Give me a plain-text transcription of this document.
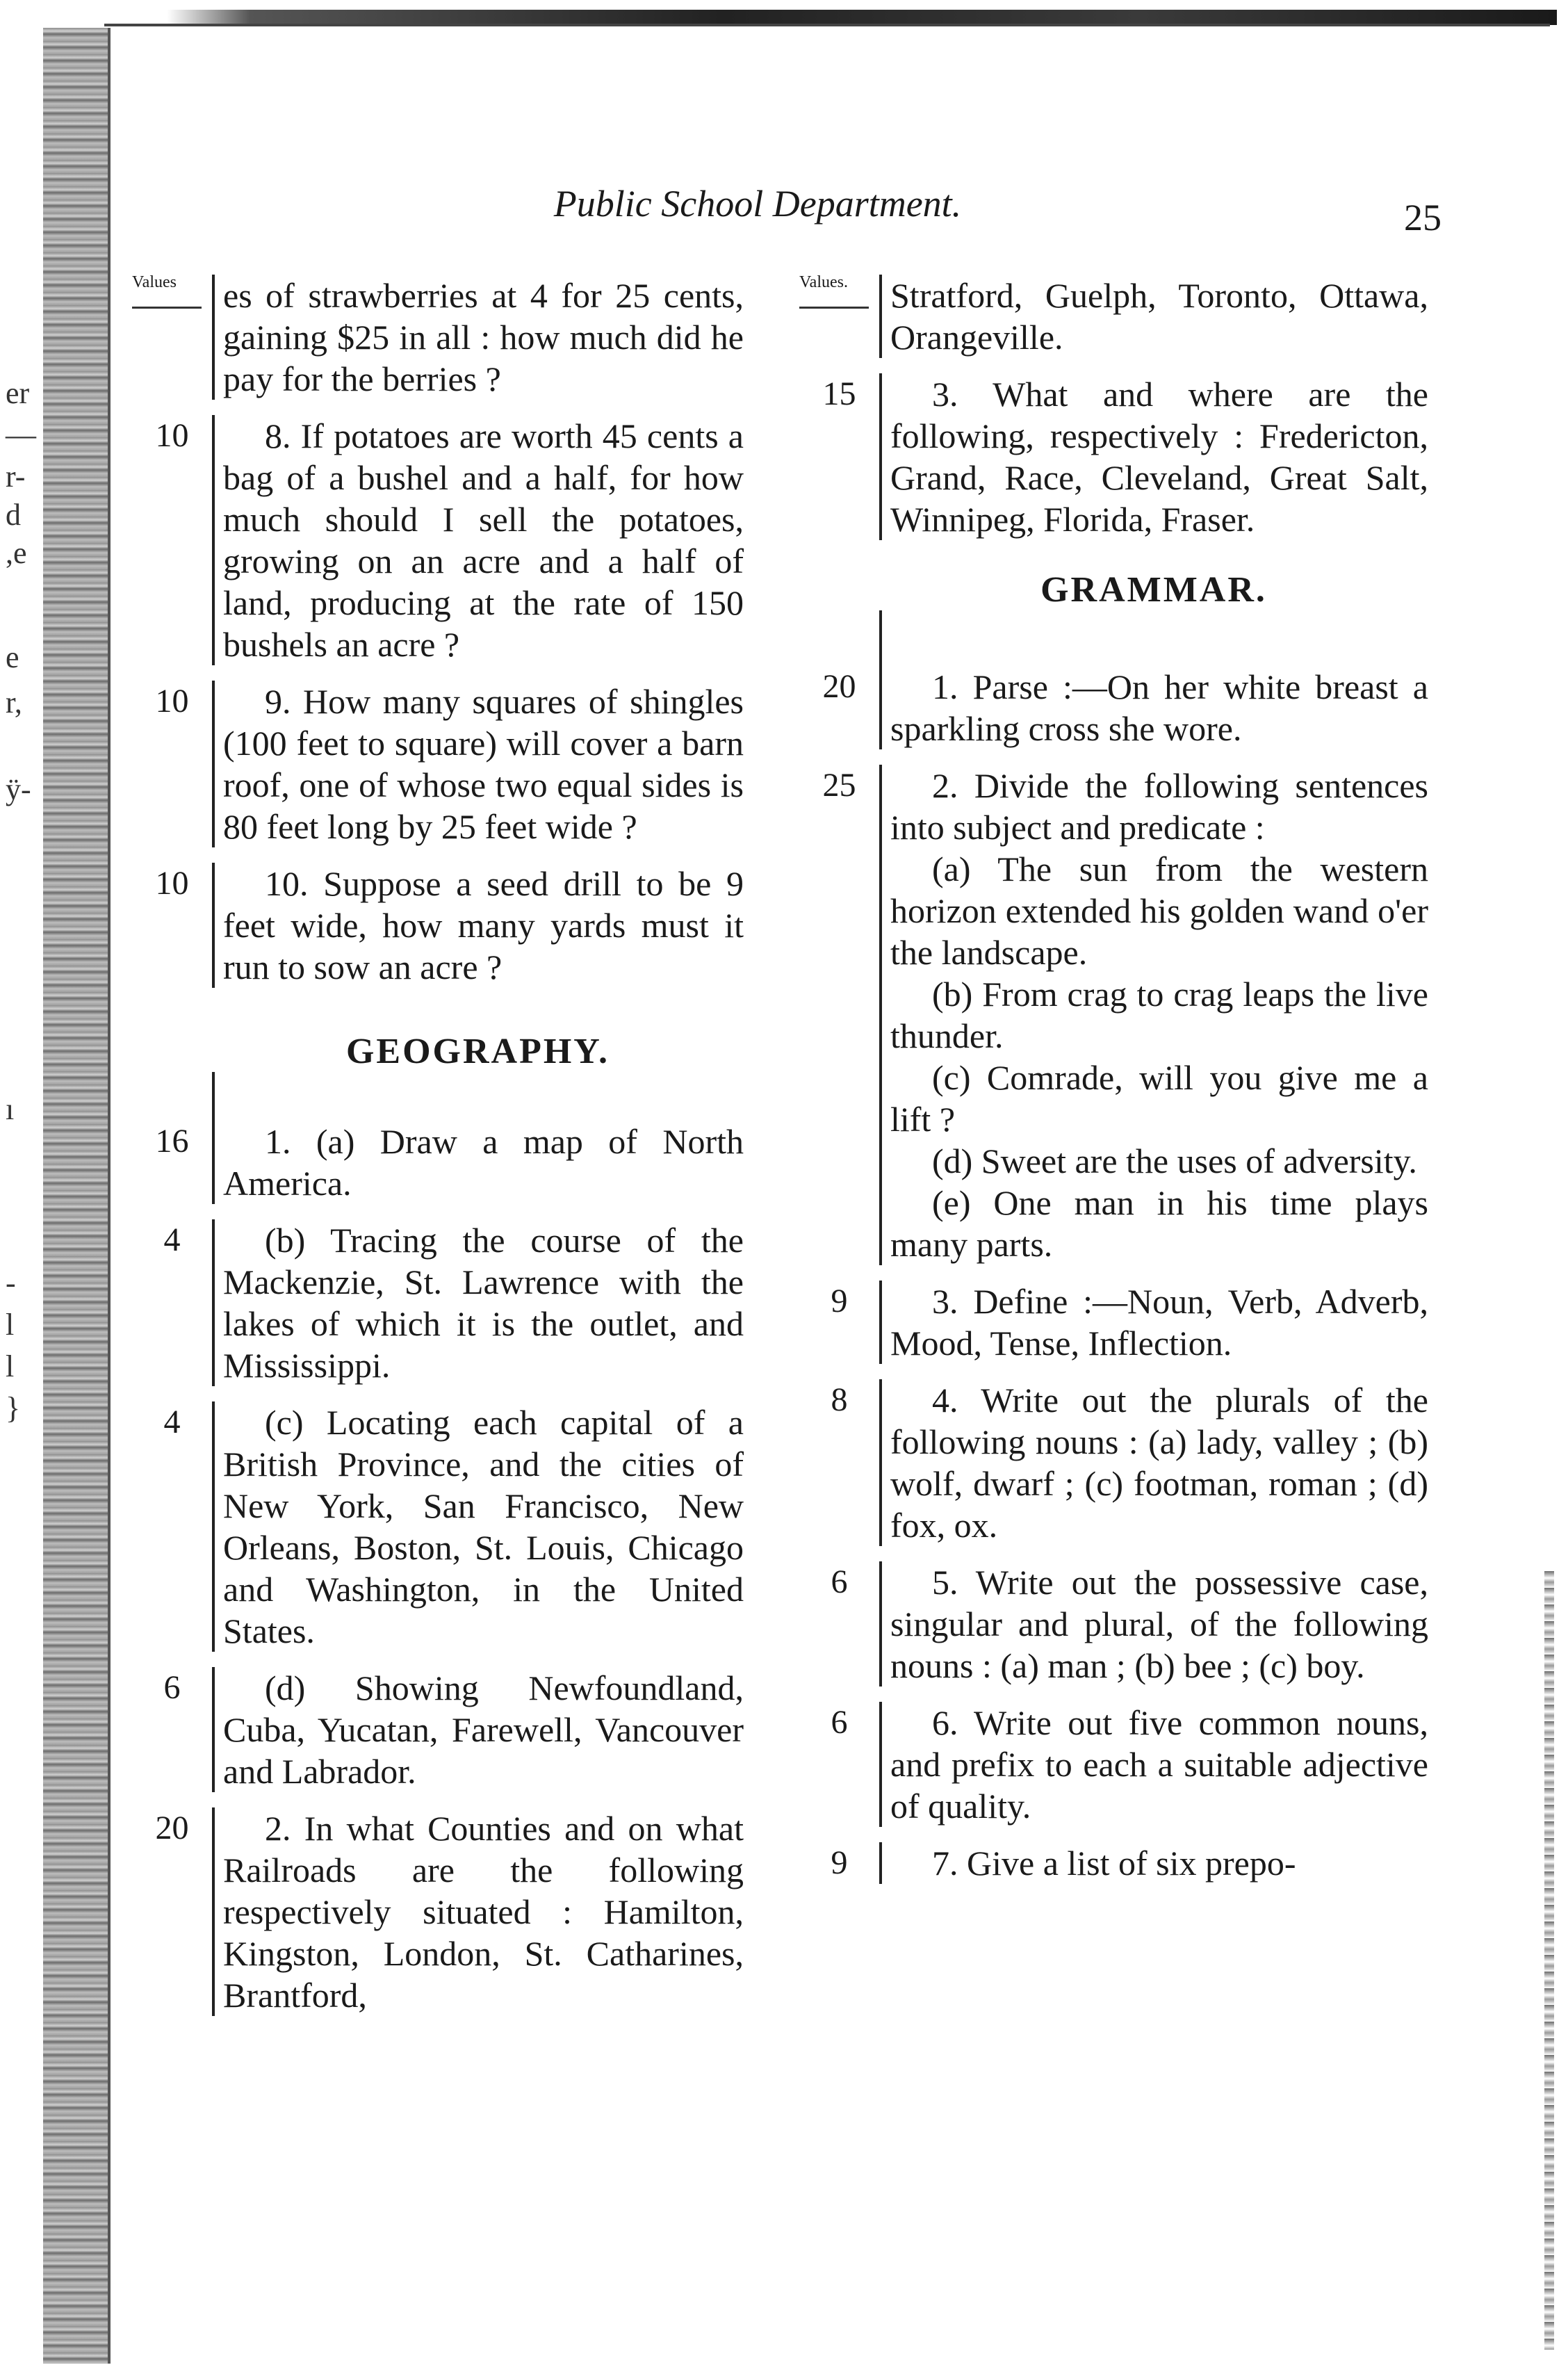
er
—
r-
d
,e
e
r,
ÿ-
ı
-
l
l
}
Public School Department.	25
Values	es of strawberries at 4 for 25 cents, gaining $25 in all : how much did he pay for the berries ?
10	8. If potatoes are worth 45 cents a bag of a bushel and a half, for how much should I sell the potatoes, growing on an acre and a half of land, producing at the rate of 150 bushels an acre ?
10	9. How many squares of shingles (100 feet to square) will cover a barn roof, one of whose two equal sides is 80 feet long by 25 feet wide ?
10	10. Suppose a seed drill to be 9 feet wide, how many yards must it run to sow an acre ?
GEOGRAPHY.
16	1. (a) Draw a map of North America.
4	(b) Tracing the course of the Mackenzie, St. Lawrence with the lakes of which it is the outlet, and Mississippi.
4	(c) Locating each capital of a British Province, and the cities of New York, San Francisco, New Orleans, Boston, St. Louis, Chicago and Washington, in the United States.
6	(d) Showing Newfoundland, Cuba, Yucatan, Farewell, Vancouver and Labrador.
20	2. In what Counties and on what Railroads are the following respectively situated : Hamilton, Kingston, London, St. Catharines, Brantford,
Values.	Stratford, Guelph, Toronto, Ottawa, Orangeville.
15	3. What and where are the following, respectively : Fredericton, Grand, Race, Cleveland, Great Salt, Winnipeg, Florida, Fraser.
GRAMMAR.
20	1. Parse :—On her white breast a sparkling cross she wore.
25	2. Divide the following sentences into subject and predicate :
(a) The sun from the western horizon extended his golden wand o'er the landscape.
(b) From crag to crag leaps the live thunder.
(c) Comrade, will you give me a lift ?
(d) Sweet are the uses of adversity.
(e) One man in his time plays many parts.
9	3. Define :—Noun, Verb, Adverb, Mood, Tense, Inflection.
8	4. Write out the plurals of the following nouns : (a) lady, valley ; (b) wolf, dwarf ; (c) footman, roman ; (d) fox, ox.
6	5. Write out the possessive case, singular and plural, of the following nouns : (a) man ; (b) bee ; (c) boy.
6	6. Write out five common nouns, and prefix to each a suitable adjective of quality.
9	7. Give a list of six prepo-
